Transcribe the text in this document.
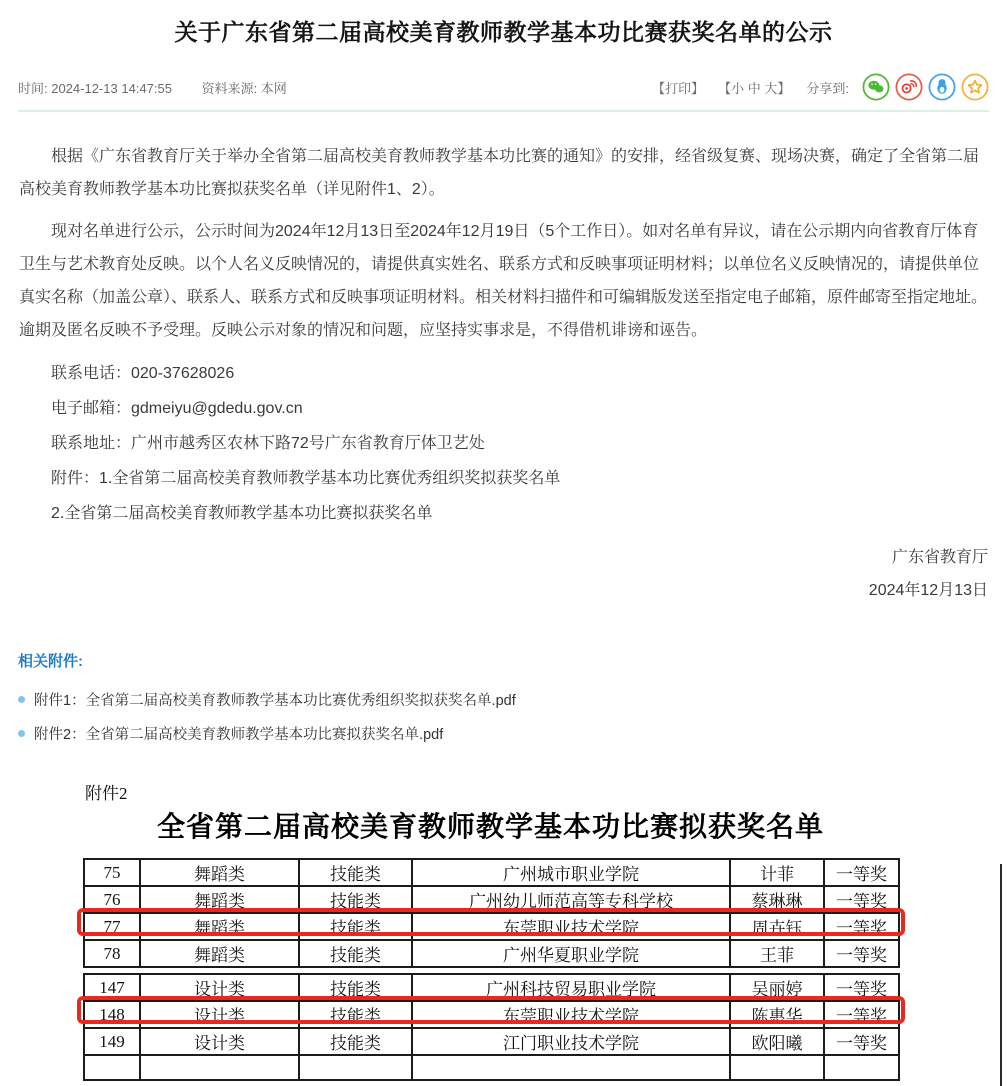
关于广东省第二届高校美育教师教学基本功比赛获奖名单的公示
时间: 2024-12-13 14:47:55 资料来源: 本网	【打印】 【小 中 大】 分享到:

根据《广东省教育厅关于举办全省第二届高校美育教师教学基本功比赛的通知》的安排，经省级复赛、现场决赛，确定了全省第二届高校美育教师教学基本功比赛拟获奖名单（详见附件1、2）。

现对名单进行公示，公示时间为2024年12月13日至2024年12月19日（5个工作日）。如对名单有异议，请在公示期内向省教育厅体育卫生与艺术教育处反映。以个人名义反映情况的，请提供真实姓名、联系方式和反映事项证明材料；以单位名义反映情况的，请提供单位真实名称（加盖公章）、联系人、联系方式和反映事项证明材料。相关材料扫描件和可编辑版发送至指定电子邮箱，原件邮寄至指定地址。逾期及匿名反映不予受理。反映公示对象的情况和问题，应坚持实事求是，不得借机诽谤和诬告。

联系电话：020-37628026

电子邮箱：gdmeiyu@gdedu.gov.cn

联系地址：广州市越秀区农林下路72号广东省教育厅体卫艺处

附件：1.全省第二届高校美育教师教学基本功比赛优秀组织奖拟获奖名单

2.全省第二届高校美育教师教学基本功比赛拟获奖名单

广东省教育厅

2024年12月13日

相关附件:

附件1：全省第二届高校美育教师教学基本功比赛优秀组织奖拟获奖名单.pdf
附件2：全省第二届高校美育教师教学基本功比赛拟获奖名单.pdf

附件2

全省第二届高校美育教师教学基本功比赛拟获奖名单

75	舞蹈类	技能类	广州城市职业学院	计菲	一等奖
76	舞蹈类	技能类	广州幼儿师范高等专科学校	蔡琳琳	一等奖
77	舞蹈类	技能类	东莞职业技术学院	周卉钰	一等奖
78	舞蹈类	技能类	广州华夏职业学院	王菲	一等奖
147	设计类	技能类	广州科技贸易职业学院	吴丽婷	一等奖
148	设计类	技能类	东莞职业技术学院	陈惠华	一等奖
149	设计类	技能类	江门职业技术学院	欧阳曦	一等奖
